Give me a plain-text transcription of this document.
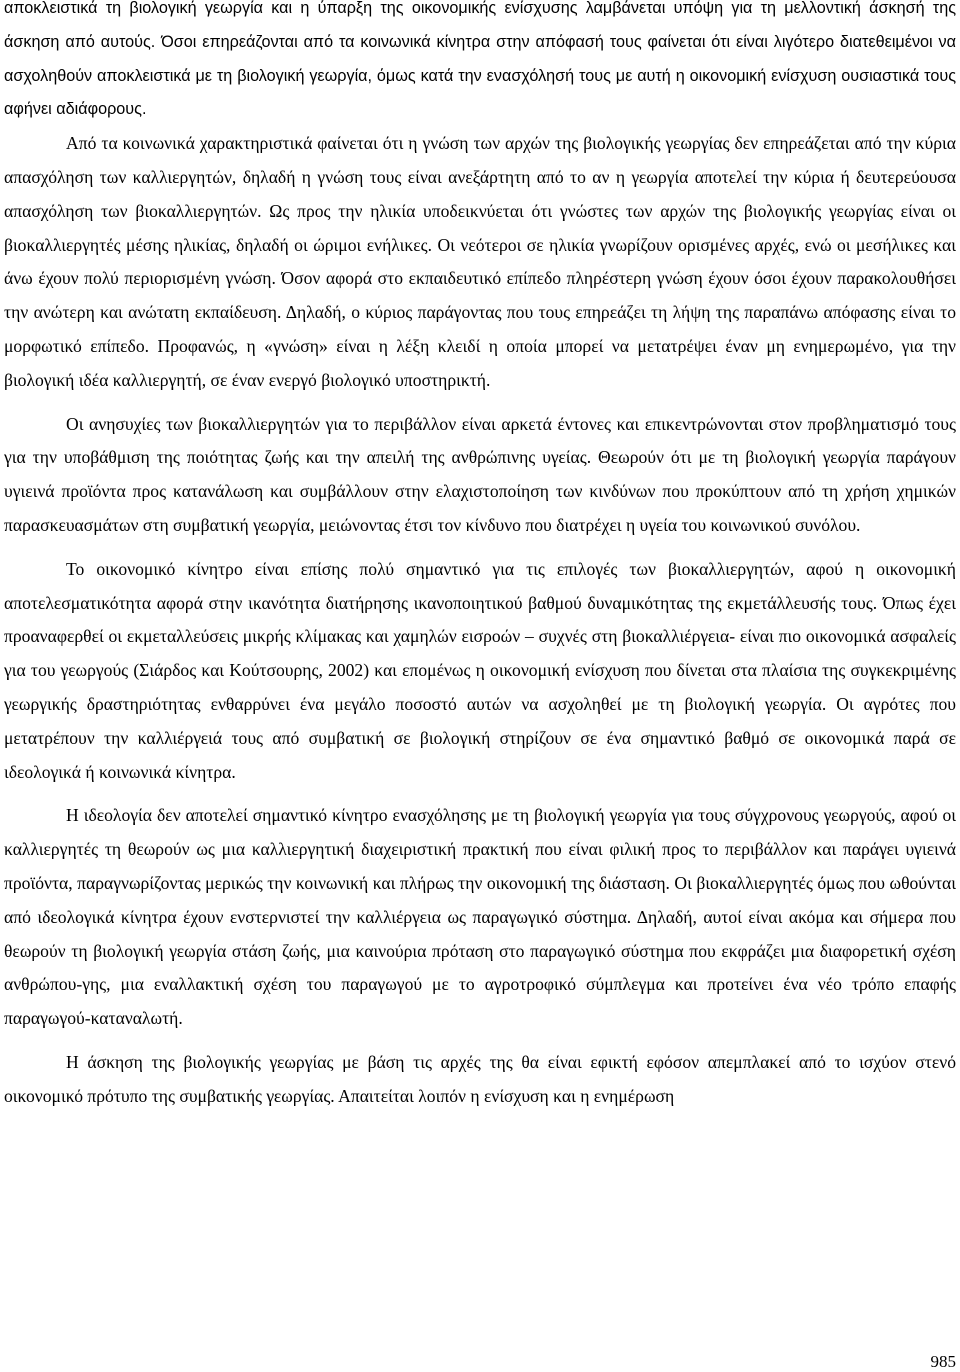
αποκλειστικά τη βιολογική γεωργία και η ύπαρξη της οικονομικής ενίσχυσης λαμβάνεται υπόψη για τη μελλοντική άσκησή της άσκηση από αυτούς. Όσοι επηρεάζονται από τα κοινωνικά κίνητρα στην απόφασή τους φαίνεται ότι είναι λιγότερο διατεθειμένοι να ασχοληθούν αποκλειστικά με τη βιολογική γεωργία, όμως κατά την ενασχόλησή τους με αυτή η οικονομική ενίσχυση ουσιαστικά τους αφήνει αδιάφορους.

Από τα κοινωνικά χαρακτηριστικά φαίνεται ότι η γνώση των αρχών της βιολογικής γεωργίας δεν επηρεάζεται από την κύρια απασχόληση των καλλιεργητών, δηλαδή η γνώση τους είναι ανεξάρτητη από το αν η γεωργία αποτελεί την κύρια ή δευτερεύουσα απασχόληση των βιοκαλλιεργητών. Ως προς την ηλικία υποδεικνύεται ότι γνώστες των αρχών της βιολογικής γεωργίας είναι οι βιοκαλλιεργητές μέσης ηλικίας, δηλαδή οι ώριμοι ενήλικες. Οι νεότεροι σε ηλικία γνωρίζουν ορισμένες αρχές, ενώ οι μεσήλικες και άνω έχουν πολύ περιορισμένη γνώση. Όσον αφορά στο εκπαιδευτικό επίπεδο πληρέστερη γνώση έχουν όσοι έχουν παρακολουθήσει την ανώτερη και ανώτατη εκπαίδευση. Δηλαδή, ο κύριος παράγοντας που τους επηρεάζει τη λήψη της παραπάνω απόφασης είναι το μορφωτικό επίπεδο. Προφανώς, η «γνώση» είναι η λέξη κλειδί η οποία μπορεί να μετατρέψει έναν μη ενημερωμένο, για την βιολογική ιδέα καλλιεργητή, σε έναν ενεργό βιολογικό υποστηρικτή.

Οι ανησυχίες των βιοκαλλιεργητών για το περιβάλλον είναι αρκετά έντονες και επικεντρώνονται στον προβληματισμό τους για την υποβάθμιση της ποιότητας ζωής και την απειλή της ανθρώπινης υγείας. Θεωρούν ότι με τη βιολογική γεωργία παράγουν υγιεινά προϊόντα προς κατανάλωση και συμβάλλουν στην ελαχιστοποίηση των κινδύνων που προκύπτουν από τη χρήση χημικών παρασκευασμάτων στη συμβατική γεωργία, μειώνοντας έτσι τον κίνδυνο που διατρέχει η υγεία του κοινωνικού συνόλου.

Το οικονομικό κίνητρο είναι επίσης πολύ σημαντικό για τις επιλογές των βιοκαλλιεργητών, αφού η οικονομική αποτελεσματικότητα αφορά στην ικανότητα διατήρησης ικανοποιητικού βαθμού δυναμικότητας της εκμετάλλευσής τους. Όπως έχει προαναφερθεί οι εκμεταλλεύσεις μικρής κλίμακας και χαμηλών εισροών – συχνές στη βιοκαλλιέργεια- είναι πιο οικονομικά ασφαλείς για του γεωργούς (Σιάρδος και Κούτσουρης, 2002) και επομένως η οικονομική ενίσχυση που δίνεται στα πλαίσια της συγκεκριμένης γεωργικής δραστηριότητας ενθαρρύνει ένα μεγάλο ποσοστό αυτών να ασχοληθεί με τη βιολογική γεωργία. Οι αγρότες που μετατρέπουν την καλλιέργειά τους από συμβατική σε βιολογική στηρίζουν σε ένα σημαντικό βαθμό σε οικονομικά παρά σε ιδεολογικά ή κοινωνικά κίνητρα.

Η ιδεολογία δεν αποτελεί σημαντικό κίνητρο ενασχόλησης με τη βιολογική γεωργία για τους σύγχρονους γεωργούς, αφού οι καλλιεργητές τη θεωρούν ως μια καλλιεργητική διαχειριστική πρακτική που είναι φιλική προς το περιβάλλον και παράγει υγιεινά προϊόντα, παραγνωρίζοντας μερικώς την κοινωνική και πλήρως την οικονομική της διάσταση. Οι βιοκαλλιεργητές όμως που ωθούνται από ιδεολογικά κίνητρα έχουν ενστερνιστεί την καλλιέργεια ως παραγωγικό σύστημα. Δηλαδή, αυτοί είναι ακόμα και σήμερα που θεωρούν τη βιολογική γεωργία στάση ζωής, μια καινούρια πρόταση στο παραγωγικό σύστημα που εκφράζει μια διαφορετική σχέση ανθρώπου-γης, μια εναλλακτική σχέση του παραγωγού με το αγροτροφικό σύμπλεγμα και προτείνει ένα νέο τρόπο επαφής παραγωγού-καταναλωτή.

Η άσκηση της βιολογικής γεωργίας με βάση τις αρχές της θα είναι εφικτή εφόσον απεμπλακεί από το ισχύον στενό οικονομικό πρότυπο της συμβατικής γεωργίας. Απαιτείται λοιπόν η ενίσχυση και η ενημέρωση

985
